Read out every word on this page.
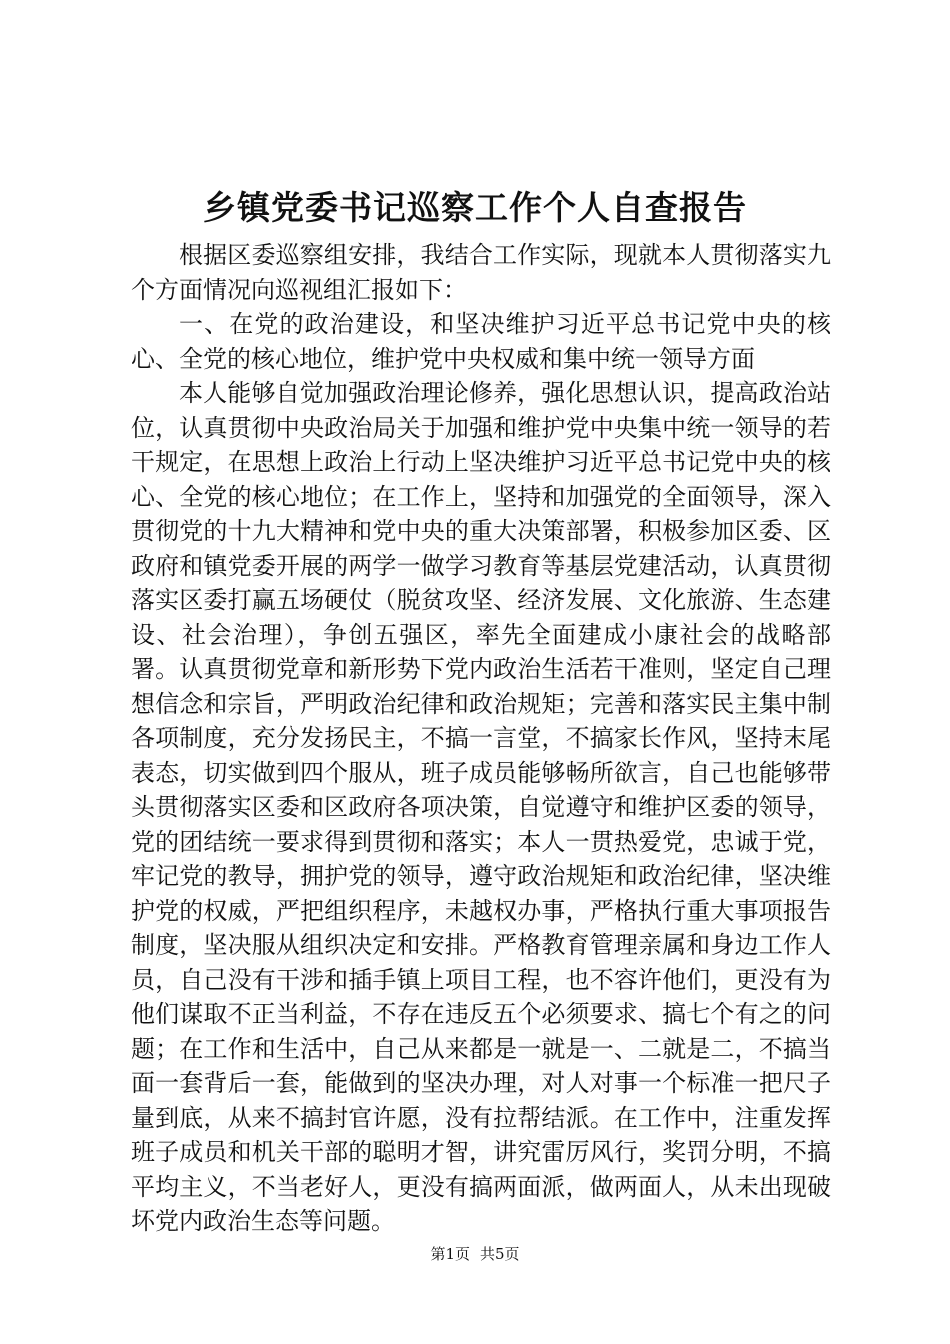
乡镇党委书记巡察工作个人自查报告

根据区委巡察组安排，我结合工作实际，现就本人贯彻落实九个方面情况向巡视组汇报如下：

一、在党的政治建设，和坚决维护习近平总书记党中央的核心、全党的核心地位，维护党中央权威和集中统一领导方面

本人能够自觉加强政治理论修养，强化思想认识，提高政治站位，认真贯彻中央政治局关于加强和维护党中央集中统一领导的若干规定，在思想上政治上行动上坚决维护习近平总书记党中央的核心、全党的核心地位；在工作上，坚持和加强党的全面领导，深入贯彻党的十九大精神和党中央的重大决策部署，积极参加区委、区政府和镇党委开展的两学一做学习教育等基层党建活动，认真贯彻落实区委打赢五场硬仗（脱贫攻坚、经济发展、文化旅游、生态建设、社会治理），争创五强区，率先全面建成小康社会的战略部署。认真贯彻党章和新形势下党内政治生活若干准则，坚定自己理想信念和宗旨，严明政治纪律和政治规矩；完善和落实民主集中制各项制度，充分发扬民主，不搞一言堂，不搞家长作风，坚持末尾表态，切实做到四个服从，班子成员能够畅所欲言，自己也能够带头贯彻落实区委和区政府各项决策，自觉遵守和维护区委的领导，党的团结统一要求得到贯彻和落实；本人一贯热爱党，忠诚于党，牢记党的教导，拥护党的领导，遵守政治规矩和政治纪律，坚决维护党的权威，严把组织程序，未越权办事，严格执行重大事项报告制度，坚决服从组织决定和安排。严格教育管理亲属和身边工作人员，自己没有干涉和插手镇上项目工程，也不容许他们，更没有为他们谋取不正当利益，不存在违反五个必须要求、搞七个有之的问题；在工作和生活中，自己从来都是一就是一、二就是二，不搞当面一套背后一套，能做到的坚决办理，对人对事一个标准一把尺子量到底，从来不搞封官许愿，没有拉帮结派。在工作中，注重发挥班子成员和机关干部的聪明才智，讲究雷厉风行，奖罚分明，不搞平均主义，不当老好人，更没有搞两面派，做两面人，从未出现破坏党内政治生态等问题。

第1页 共5页
